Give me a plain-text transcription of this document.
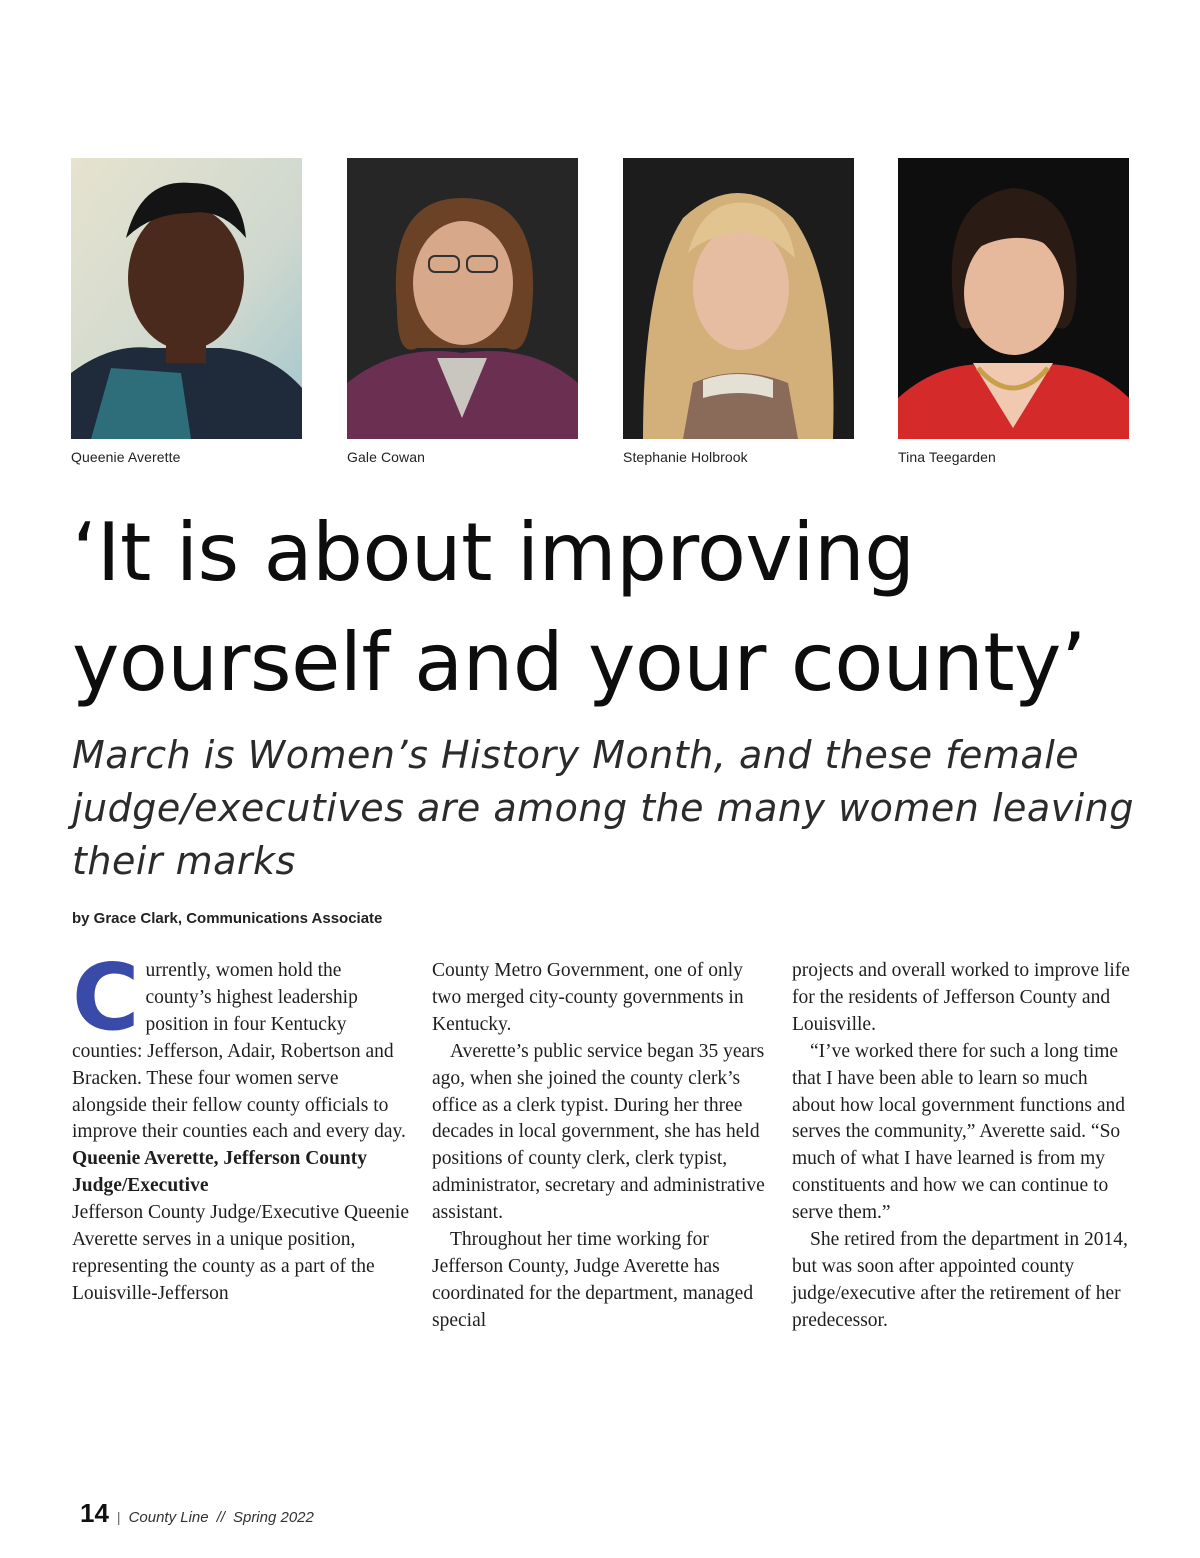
Queenie Averette	Gale Cowan	Stephanie Holbrook	Tina Teegarden
‘It is about improving yourself and your county’
March is Women’s History Month, and these female judge/executives are among the many women leaving their marks
by Grace Clark, Communications Associate

Currently, women hold the county’s highest leadership position in four Kentucky counties: Jefferson, Adair, Robertson and Bracken. These four women serve alongside their fellow county officials to improve their counties each and every day.

Queenie Averette, Jefferson County Judge/Executive

Jefferson County Judge/Executive Queenie Averette serves in a unique position, representing the county as a part of the Louisville-Jefferson

County Metro Government, one of only two merged city-county governments in Kentucky.

Averette’s public service began 35 years ago, when she joined the county clerk’s office as a clerk typist. During her three decades in local government, she has held positions of county clerk, clerk typist, administrator, secretary and administrative assistant.

Throughout her time working for Jefferson County, Judge Averette has coordinated for the department, managed special

projects and overall worked to improve life for the residents of Jefferson County and Louisville.

“I’ve worked there for such a long time that I have been able to learn so much about how local government functions and serves the community,” Averette said. “So much of what I have learned is from my constituents and how we can continue to serve them.”

She retired from the department in 2014, but was soon after appointed county judge/executive after the retirement of her predecessor.

14 | County Line // Spring 2022
